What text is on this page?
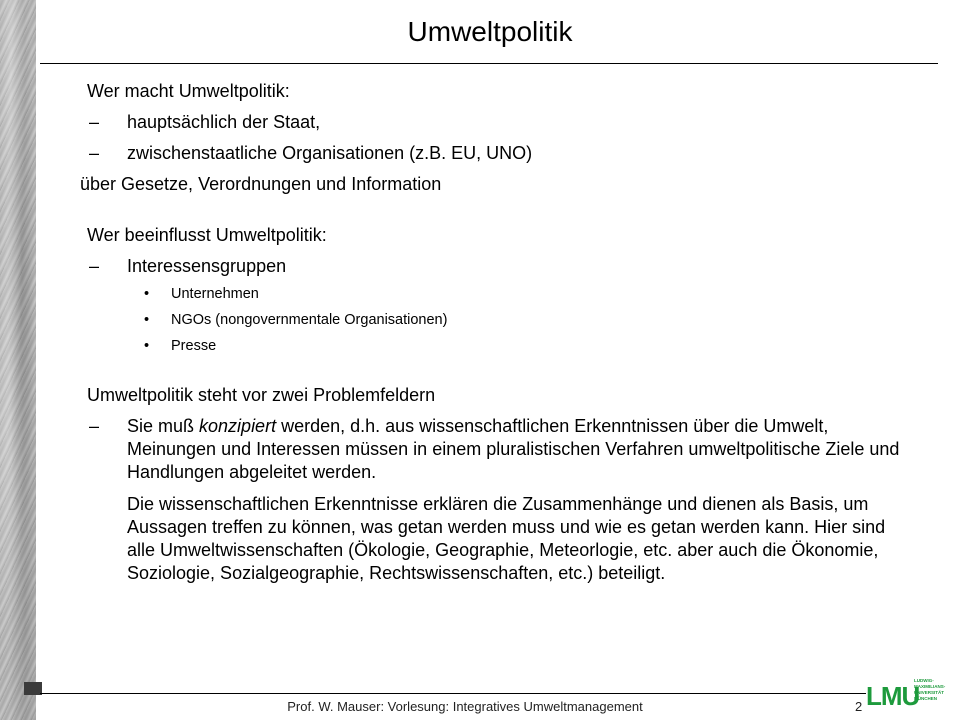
Umweltpolitik

Wer macht Umweltpolitik:

– hauptsächlich der Staat,
– zwischenstaatliche Organisationen (z.B. EU, UNO)

über Gesetze, Verordnungen und Information

Wer beeinflusst Umweltpolitik:

– Interessensgruppen
• Unternehmen
• NGOs (nongovernmentale Organisationen)
• Presse

Umweltpolitik steht vor zwei Problemfeldern

– Sie muß konzipiert werden, d.h. aus wissenschaftlichen Erkenntnissen über die Umwelt, Meinungen und Interessen müssen in einem pluralistischen Verfahren umweltpolitische Ziele und Handlungen abgeleitet werden.
Die wissenschaftlichen Erkenntnisse erklären die Zusammenhänge und dienen als Basis, um Aussagen treffen zu können, was getan werden muss und wie es getan werden kann. Hier sind alle Umweltwissenschaften (Ökologie, Geographie, Meteorlogie, etc. aber auch die Ökonomie, Soziologie, Sozialgeographie, Rechtswissenschaften, etc.) beteiligt.
Prof. W. Mauser: Vorlesung: Integratives Umweltmanagement	2 LMU
LUDWIG-
MAXIMILIANS-
UNIVERSITÄT
MÜNCHEN
